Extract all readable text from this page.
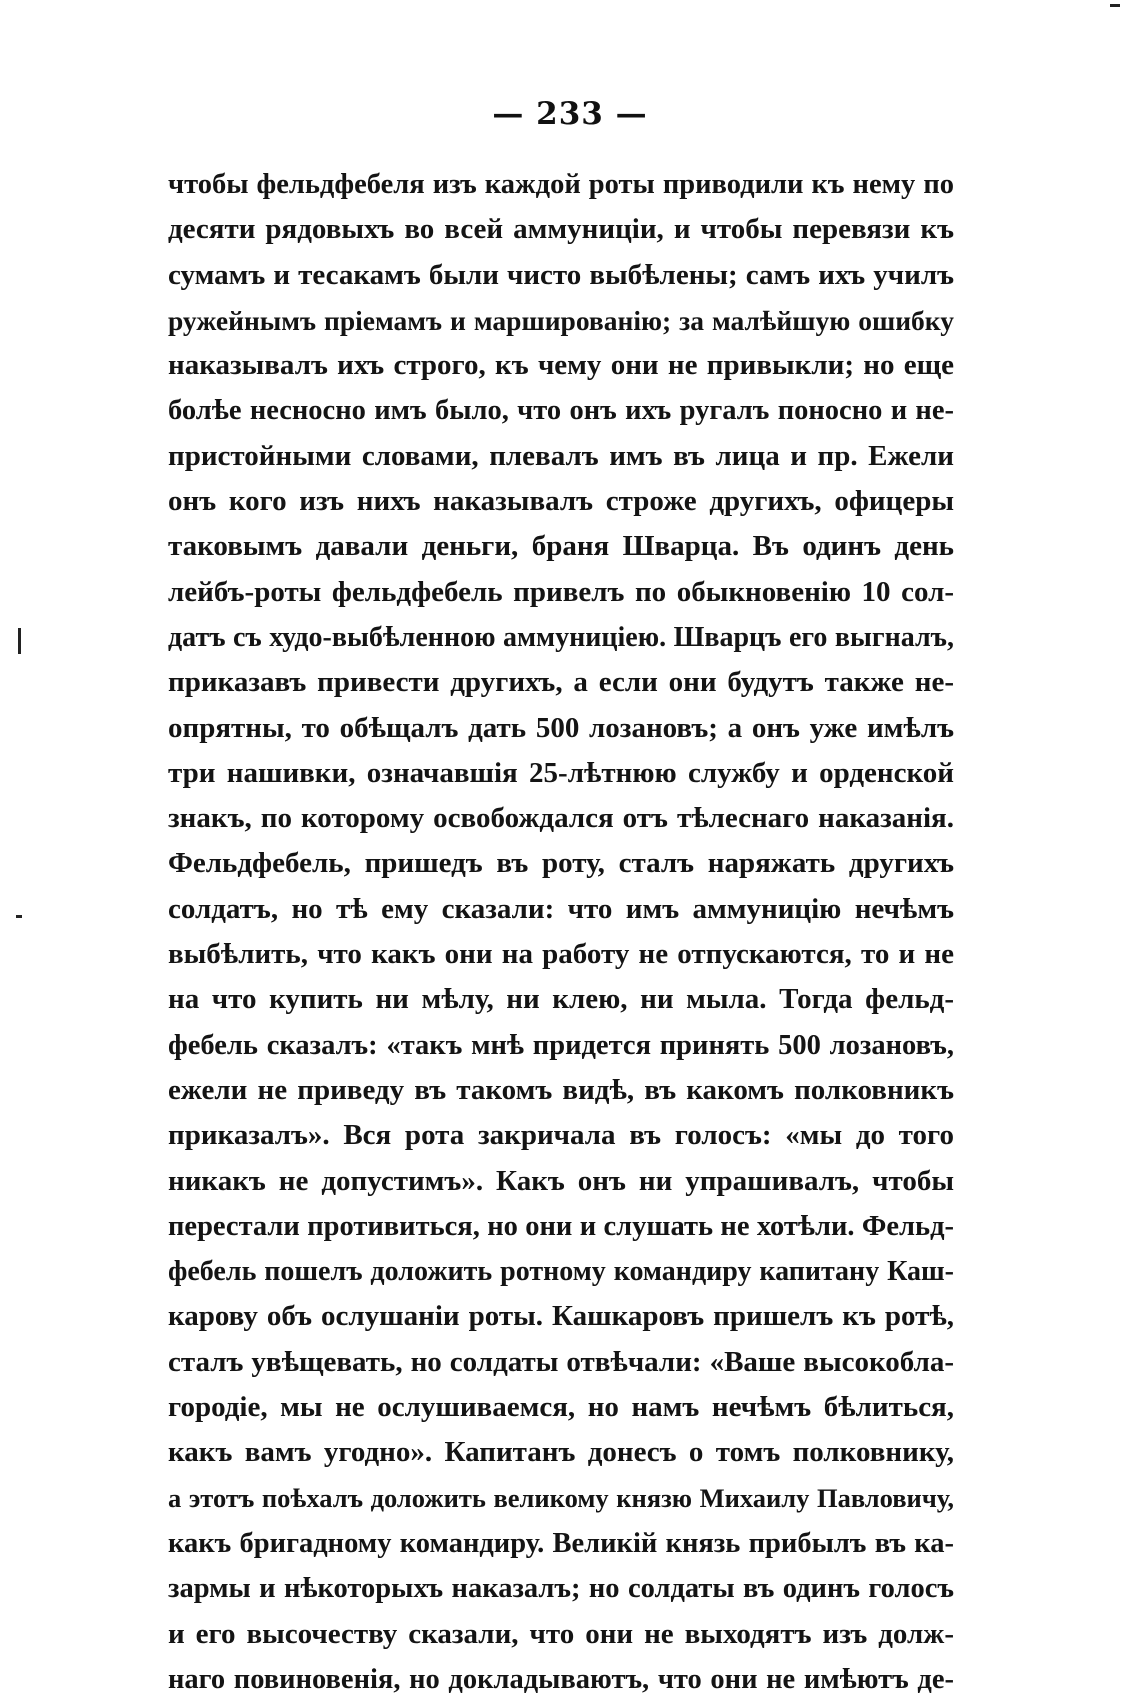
— 233 —
чтобы фельдфебеля изъ каждой роты приводили къ нему по
десяти рядовыхъ во всей аммуниціи, и чтобы перевязи къ
сумамъ и тесакамъ были чисто выбѣлены; самъ ихъ училъ
ружейнымъ пріемамъ и маршированію; за малѣйшую ошибку
наказывалъ ихъ строго, къ чему они не привыкли; но еще
болѣе несносно имъ было, что онъ ихъ ругалъ поносно и не-
пристойными словами, плевалъ имъ въ лица и пр. Ежели
онъ кого изъ нихъ наказывалъ строже другихъ, офицеры
таковымъ давали деньги, браня Шварца. Въ одинъ день
лейбъ-роты фельдфебель привелъ по обыкновенію 10 сол-
датъ съ худо-выбѣленною аммуниціею. Шварцъ его выгналъ,
приказавъ привести другихъ, а если они будутъ также не-
опрятны, то обѣщалъ дать 500 лозановъ; а онъ уже имѣлъ
три нашивки, означавшія 25-лѣтнюю службу и орденской
знакъ, по которому освобождался отъ тѣлеснаго наказанія.
Фельдфебель, пришедъ въ роту, сталъ наряжать другихъ
солдатъ, но тѣ ему сказали: что имъ аммуницію нечѣмъ
выбѣлить, что какъ они на работу не отпускаются, то и не
на что купить ни мѣлу, ни клею, ни мыла. Тогда фельд-
фебель сказалъ: «такъ мнѣ придется принять 500 лозановъ,
ежели не приведу въ такомъ видѣ, въ какомъ полковникъ
приказалъ». Вся рота закричала въ голосъ: «мы до того
никакъ не допустимъ». Какъ онъ ни упрашивалъ, чтобы
перестали противиться, но они и слушать не хотѣли. Фельд-
фебель пошелъ доложить ротному командиру капитану Каш-
карову объ ослушаніи роты. Кашкаровъ пришелъ къ ротѣ,
сталъ увѣщевать, но солдаты отвѣчали: «Ваше высокобла-
городіе, мы не ослушиваемся, но намъ нечѣмъ бѣлиться,
какъ вамъ угодно». Капитанъ донесъ о томъ полковнику,
а этотъ поѣхалъ доложить великому князю Михаилу Павловичу,
какъ бригадному командиру. Великій князь прибылъ въ ка-
зармы и нѣкоторыхъ наказалъ; но солдаты въ одинъ голосъ
и его высочеству сказали, что они не выходятъ изъ долж-
наго повиновенія, но докладываютъ, что они не имѣютъ де-
